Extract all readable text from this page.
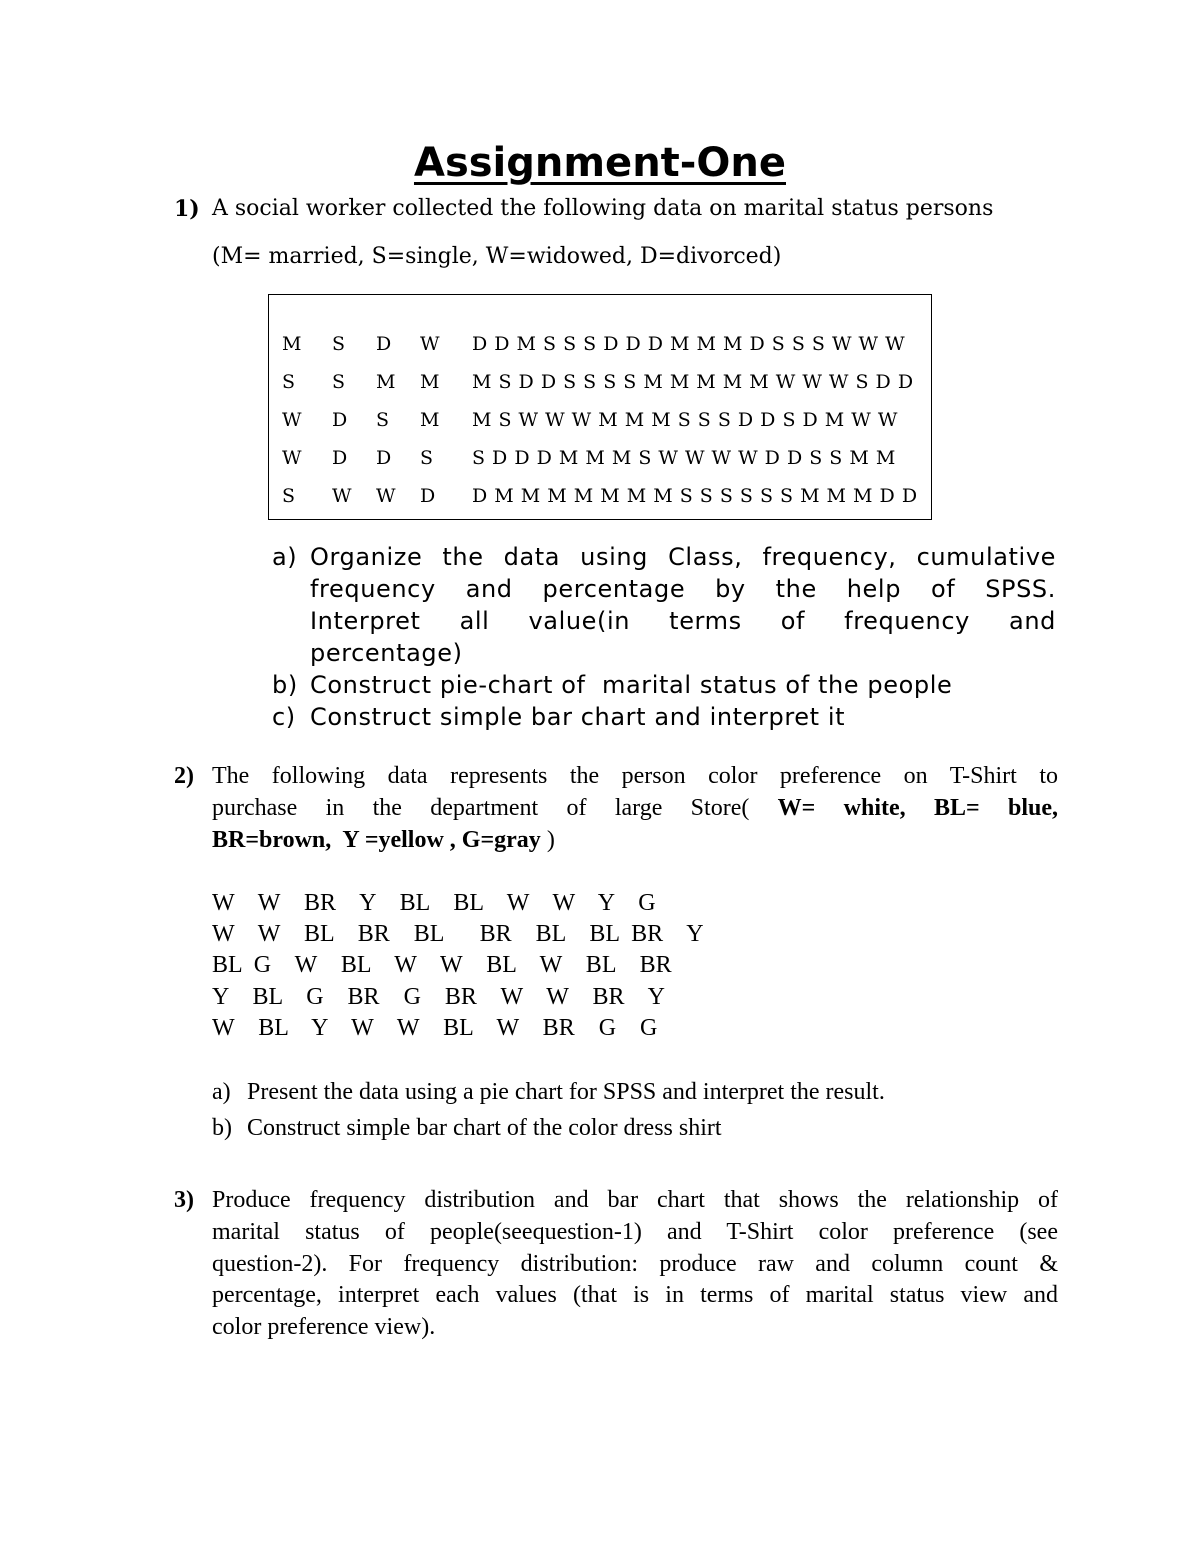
Assignment-One
1) A social worker collected the following data on marital status persons
(M= married, S=single, W=widowed, D=divorced)
M S D W D D M S S S D D D M M M D S S S W W W
S S M M M S D D S S S S M M M M M W W W S D D
W D S M M S W W W M M M S S S D D S D M W W
W D D S S D D D M M M S W W W W D D S S M M
S W W D D M M M M M M M S S S S S S M M M D D
a) Organize the data using Class, frequency, cumulative
frequency and percentage by the help of SPSS.
Interpret all value(in terms of frequency and
percentage)
b) Construct pie-chart of  marital status of the people
c) Construct simple bar chart and interpret it
2) The following data represents the person color preference on T-Shirt to
purchase in the department of large Store( W= white, BL= blue,
BR=brown,  Y =yellow , G=gray )
W  W  BR  Y  BL  BL  W  W  Y  G
W  W  BL  BR  BL   BR  BL  BL BR  Y
BL G  W  BL  W  W  BL  W  BL  BR
Y  BL  G  BR  G  BR  W  W  BR  Y
W  BL  Y  W  W  BL  W  BR  G  G
a) Present the data using a pie chart for SPSS and interpret the result.
b) Construct simple bar chart of the color dress shirt
3) Produce frequency distribution and bar chart that shows the relationship of
marital status of people(seequestion-1) and T-Shirt color preference (see
question-2). For frequency distribution: produce raw and column count &
percentage, interpret each values (that is in terms of marital status view and
color preference view).
